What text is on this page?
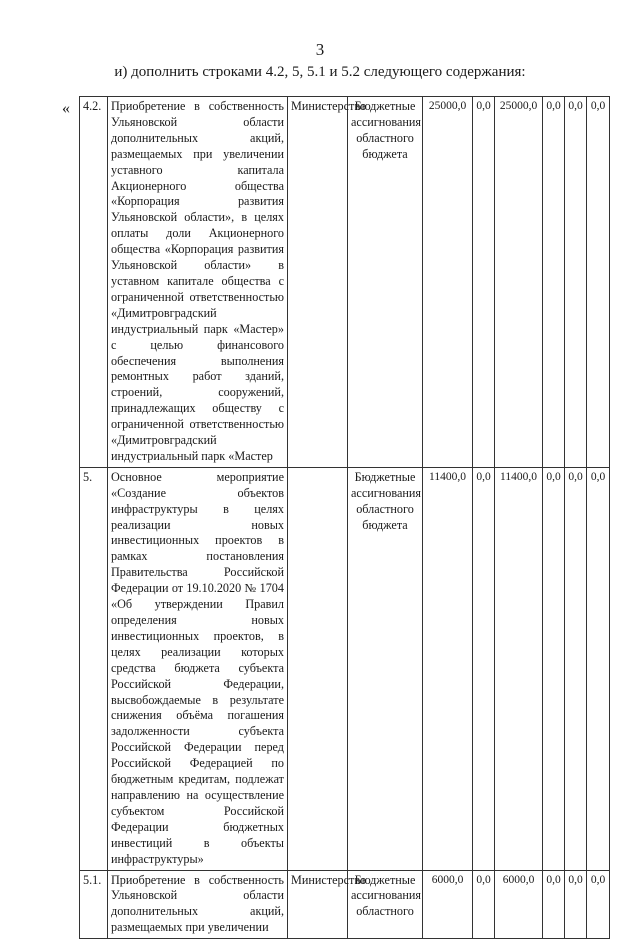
3
и) дополнить строками 4.2, 5, 5.1 и 5.2 следующего содержания:
« 4.2.	Приобретение в собственность Ульяновской области дополнительных акций, размещаемых при увеличении уставного капитала Акционерного общества «Корпорация развития Ульяновской области», в целях оплаты доли Акционерного общества «Корпорация развития Ульяновской области» в уставном капитале общества с ограниченной ответственностью «Димитровградский индустриальный парк «Мастер» с целью финансового обеспечения выполнения ремонтных работ зданий, строений, сооружений, принадлежащих обществу с ограниченной ответственностью «Димитровградский индустриальный парк «Мастер	Министерство	Бюджетные ассигнования областного бюджета	25000,0	0,0	25000,0	0,0	0,0	0,0
5.	Основное мероприятие «Создание объектов инфраструктуры в целях реализации новых инвестиционных проектов в рамках постановления Правительства Российской Федерации от 19.10.2020 № 1704 «Об утверждении Правил определения новых инвестиционных проектов, в целях реализации которых средства бюджета субъекта Российской Федерации, высвобождаемые в результате снижения объёма погашения задолженности субъекта Российской Федерации перед Российской Федерацией по бюджетным кредитам, подлежат направлению на осуществление субъектом Российской Федерации бюджетных инвестиций в объекты инфраструктуры»		Бюджетные ассигнования областного бюджета	11400,0	0,0	11400,0	0,0	0,0	0,0
5.1.	Приобретение в собственность Ульяновской области дополнительных акций, размещаемых при увеличении	Министерство	Бюджетные ассигнования областного	6000,0	0,0	6000,0	0,0	0,0	0,0
